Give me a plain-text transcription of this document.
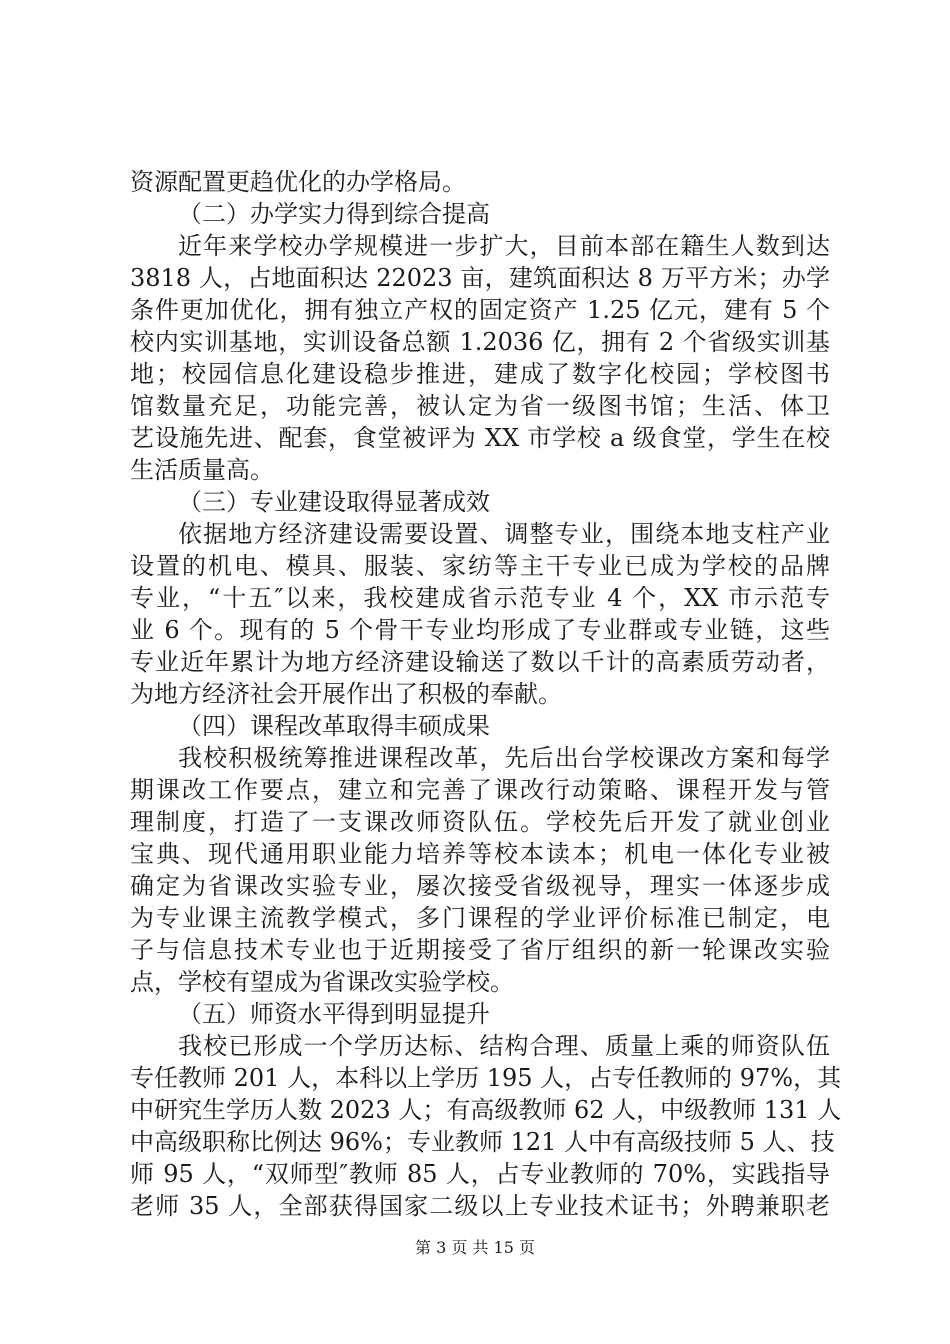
资源配置更趋优化的办学格局。
（二）办学实力得到综合提高
近年来学校办学规模进一步扩大，目前本部在籍生人数到达
3818 人，占地面积达 22023 亩，建筑面积达 8 万平方米；办学
条件更加优化，拥有独立产权的固定资产 1.25 亿元，建有 5 个
校内实训基地，实训设备总额 1.2036 亿，拥有 2 个省级实训基
地；校园信息化建设稳步推进，建成了数字化校园；学校图书
馆数量充足，功能完善，被认定为省一级图书馆；生活、体卫
艺设施先进、配套，食堂被评为 XX 市学校 a 级食堂，学生在校
生活质量高。
（三）专业建设取得显著成效
依据地方经济建设需要设置、调整专业，围绕本地支柱产业
设置的机电、模具、服装、家纺等主干专业已成为学校的品牌
专业，“十五″以来，我校建成省示范专业 4 个，XX 市示范专
业 6 个。现有的 5 个骨干专业均形成了专业群或专业链，这些
专业近年累计为地方经济建设输送了数以千计的高素质劳动者，
为地方经济社会开展作出了积极的奉献。
（四）课程改革取得丰硕成果
我校积极统筹推进课程改革，先后出台学校课改方案和每学
期课改工作要点，建立和完善了课改行动策略、课程开发与管
理制度，打造了一支课改师资队伍。学校先后开发了就业创业
宝典、现代通用职业能力培养等校本读本；机电一体化专业被
确定为省课改实验专业，屡次接受省级视导，理实一体逐步成
为专业课主流教学模式，多门课程的学业评价标准已制定，电
子与信息技术专业也于近期接受了省厅组织的新一轮课改实验
点，学校有望成为省课改实验学校。
（五）师资水平得到明显提升
我校已形成一个学历达标、结构合理、质量上乘的师资队伍
专任教师 201 人，本科以上学历 195 人，占专任教师的 97%，其
中研究生学历人数 2023 人；有高级教师 62 人，中级教师 131 人
中高级职称比例达 96%；专业教师 121 人中有高级技师 5 人、技
师 95 人，“双师型″教师 85 人，占专业教师的 70%，实践指导
老师 35 人，全部获得国家二级以上专业技术证书；外聘兼职老
第 3 页 共 15 页
